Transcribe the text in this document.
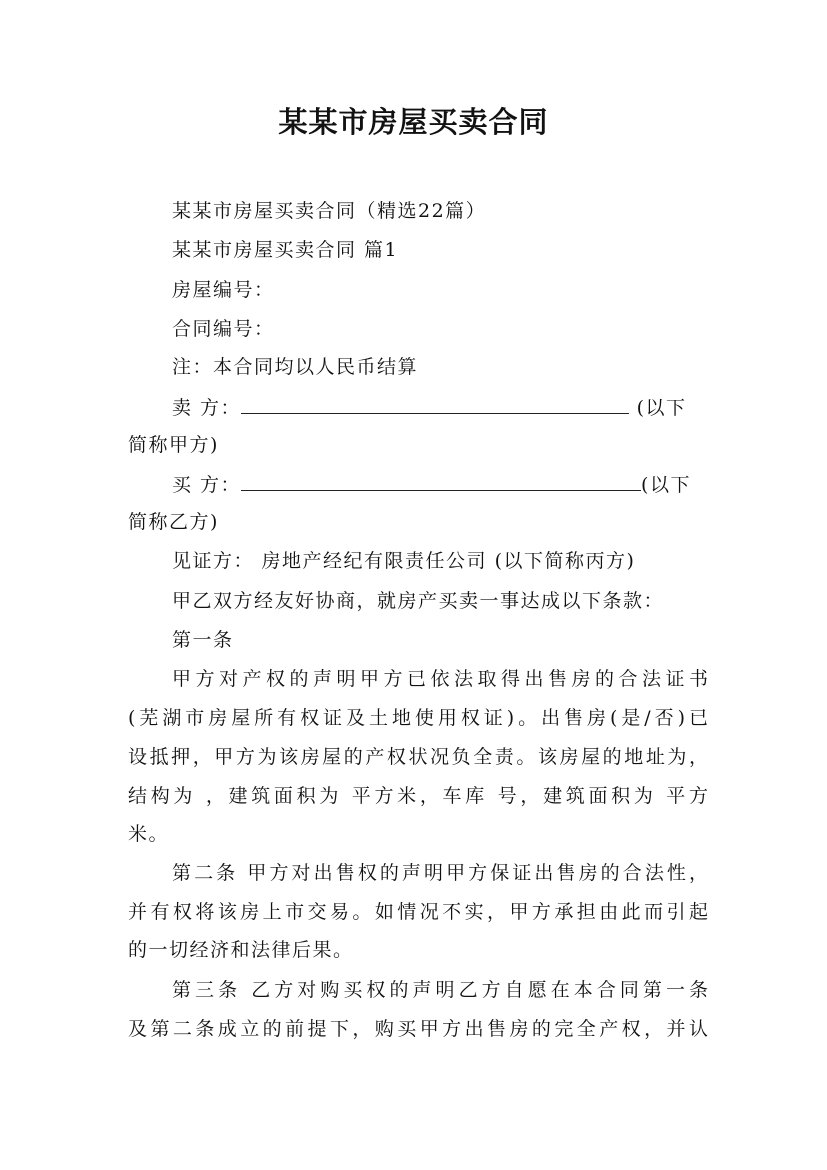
某某市房屋买卖合同
某某市房屋买卖合同（精选22篇）
某某市房屋买卖合同 篇1
房屋编号：
合同编号：
注：本合同均以人民币结算
卖 方：	(以下
简称甲方)
买 方：	(以下
简称乙方)
见证方： 房地产经纪有限责任公司 (以下简称丙方)
甲乙双方经友好协商，就房产买卖一事达成以下条款：
第一条
甲方对产权的声明甲方已依法取得出售房的合法证书
(芜湖市房屋所有权证及土地使用权证)。出售房(是/否)已
设抵押，甲方为该房屋的产权状况负全责。该房屋的地址为，
结构为 ，建筑面积为 平方米，车库 号，建筑面积为 平方
米。
第二条 甲方对出售权的声明甲方保证出售房的合法性，
并有权将该房上市交易。如情况不实，甲方承担由此而引起
的一切经济和法律后果。
第三条 乙方对购买权的声明乙方自愿在本合同第一条
及第二条成立的前提下，购买甲方出售房的完全产权，并认
